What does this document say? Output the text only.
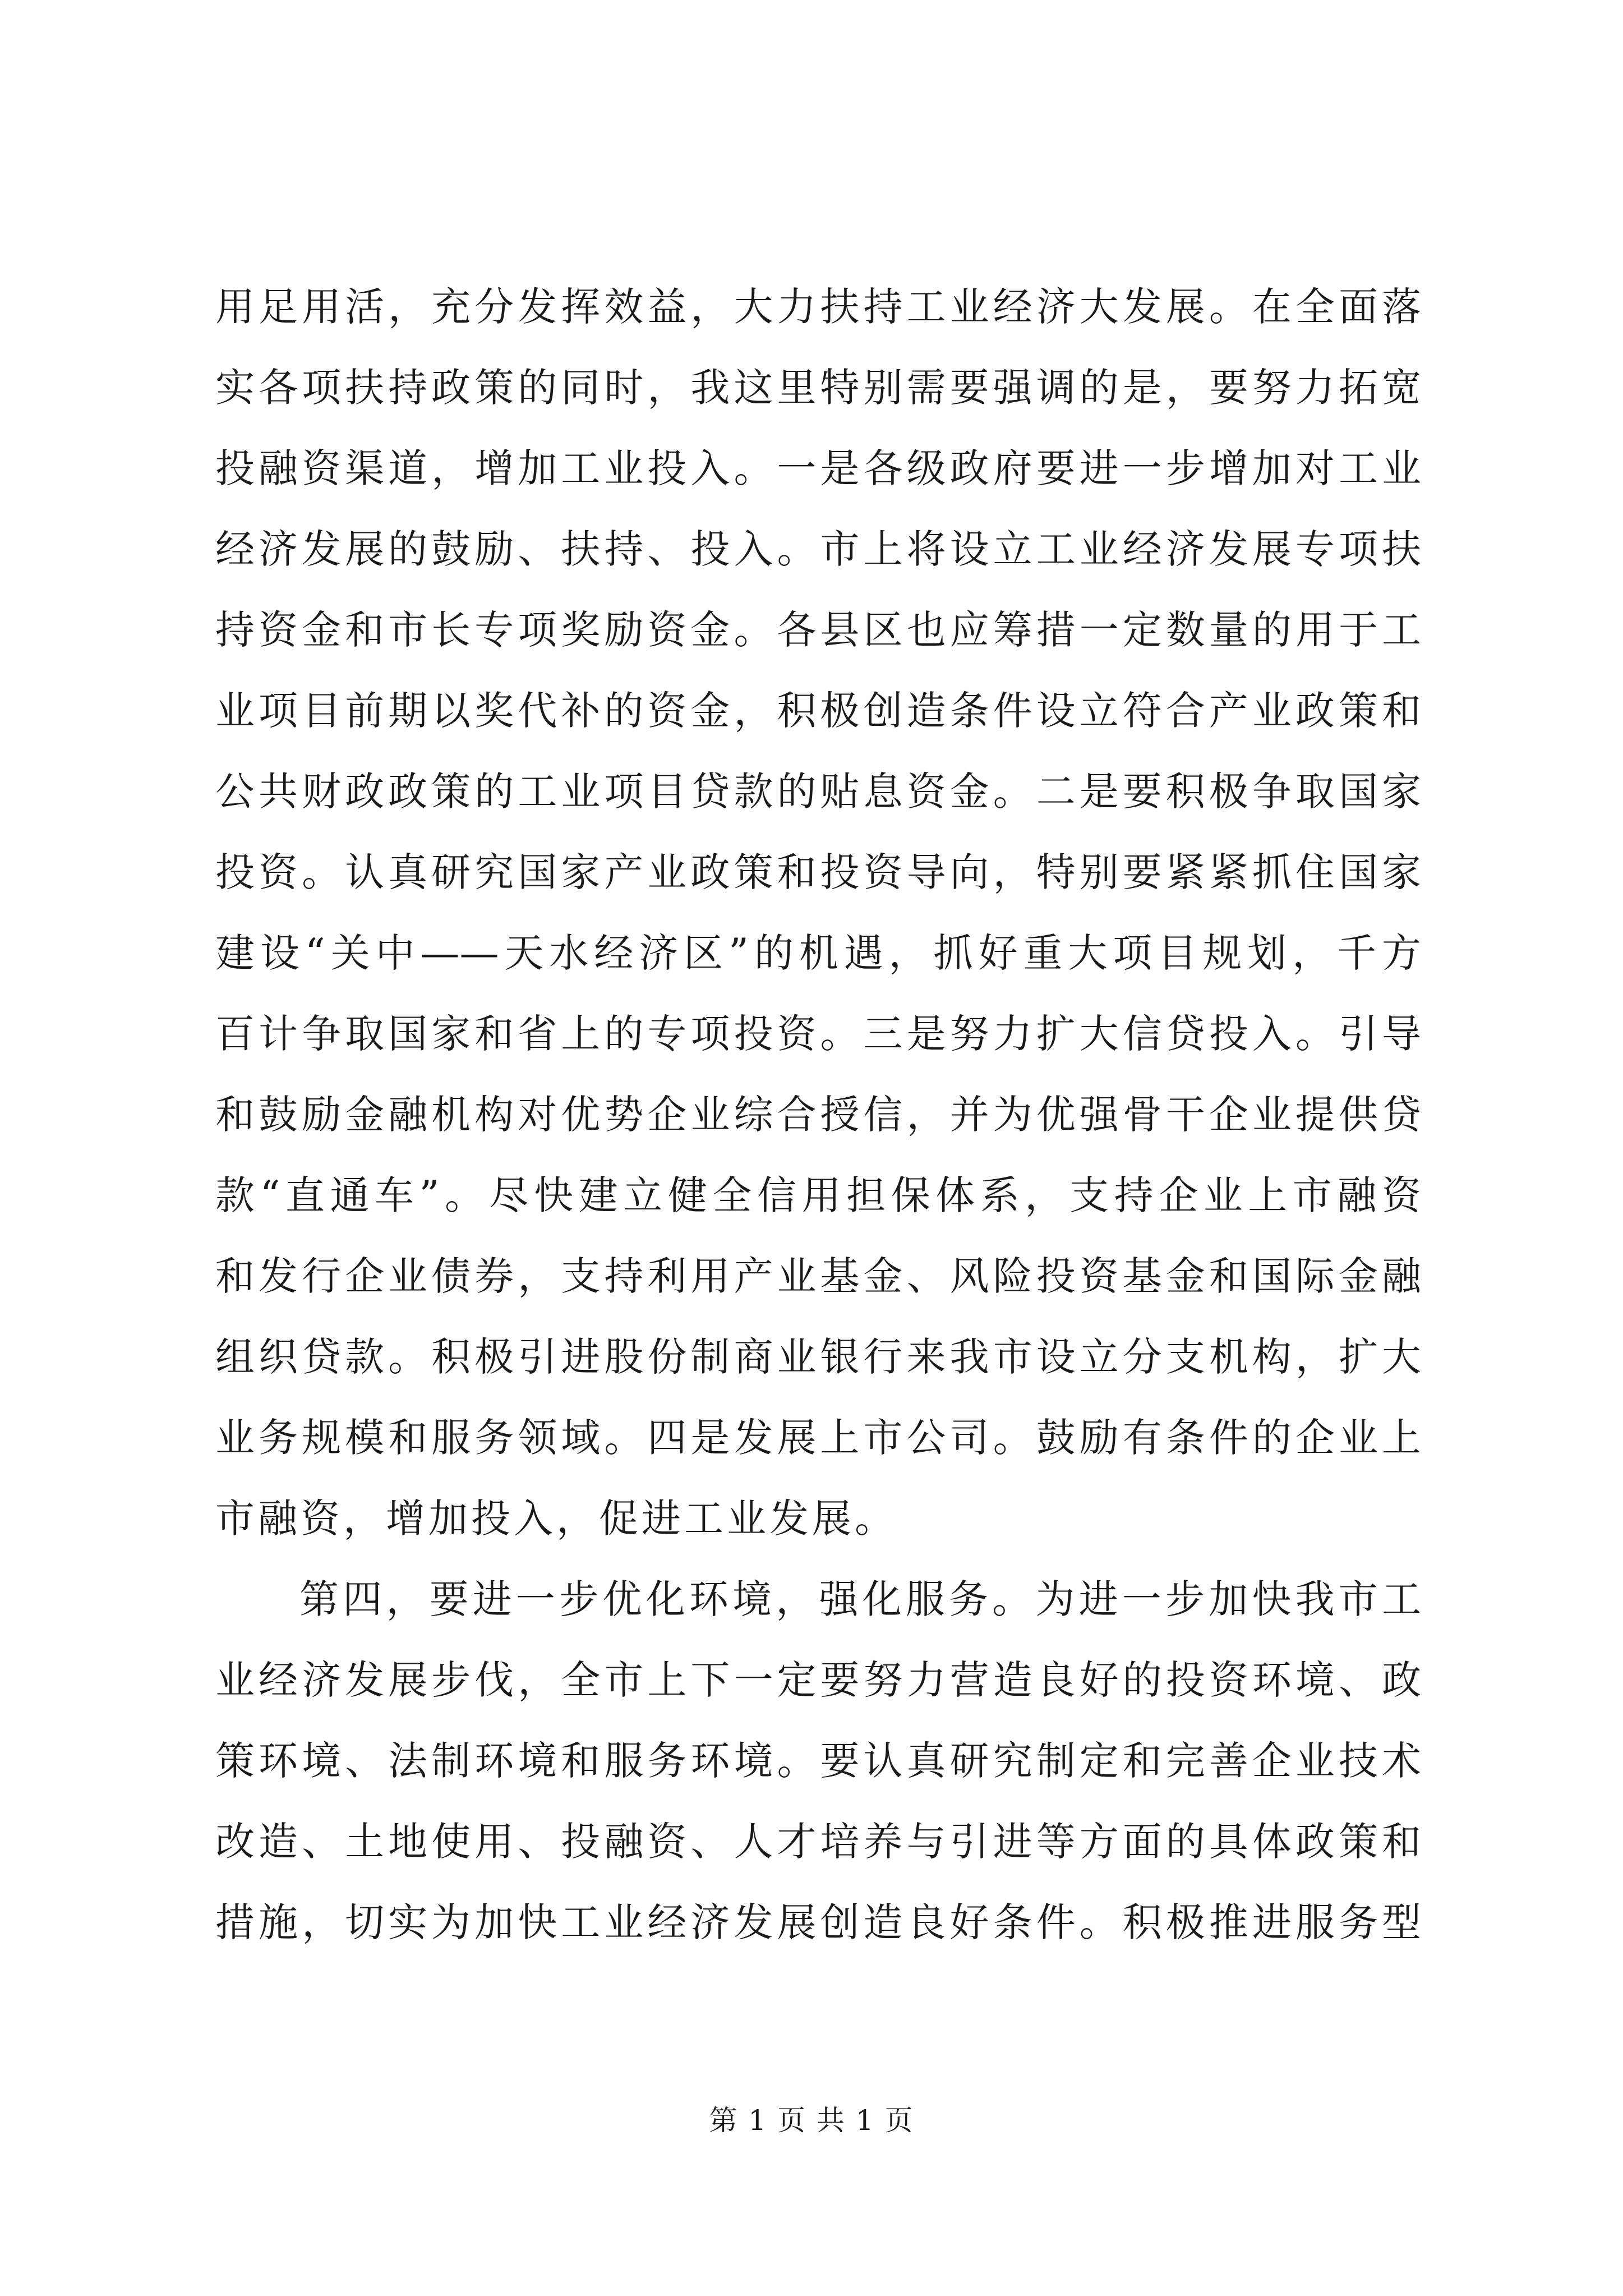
用足用活，充分发挥效益，大力扶持工业经济大发展。在全面落
实各项扶持政策的同时，我这里特别需要强调的是，要努力拓宽
投融资渠道，增加工业投入。一是各级政府要进一步增加对工业
经济发展的鼓励、扶持、投入。市上将设立工业经济发展专项扶
持资金和市长专项奖励资金。各县区也应筹措一定数量的用于工
业项目前期以奖代补的资金，积极创造条件设立符合产业政策和
公共财政政策的工业项目贷款的贴息资金。二是要积极争取国家
投资。认真研究国家产业政策和投资导向，特别要紧紧抓住国家
建设“关中——天水经济区”的机遇，抓好重大项目规划，千方
百计争取国家和省上的专项投资。三是努力扩大信贷投入。引导
和鼓励金融机构对优势企业综合授信，并为优强骨干企业提供贷
款“直通车”。尽快建立健全信用担保体系，支持企业上市融资
和发行企业债券，支持利用产业基金、风险投资基金和国际金融
组织贷款。积极引进股份制商业银行来我市设立分支机构，扩大
业务规模和服务领域。四是发展上市公司。鼓励有条件的企业上
市融资，增加投入，促进工业发展。
第四，要进一步优化环境，强化服务。为进一步加快我市工
业经济发展步伐，全市上下一定要努力营造良好的投资环境、政
策环境、法制环境和服务环境。要认真研究制定和完善企业技术
改造、土地使用、投融资、人才培养与引进等方面的具体政策和
措施，切实为加快工业经济发展创造良好条件。积极推进服务型
第 1 页 共 1 页
